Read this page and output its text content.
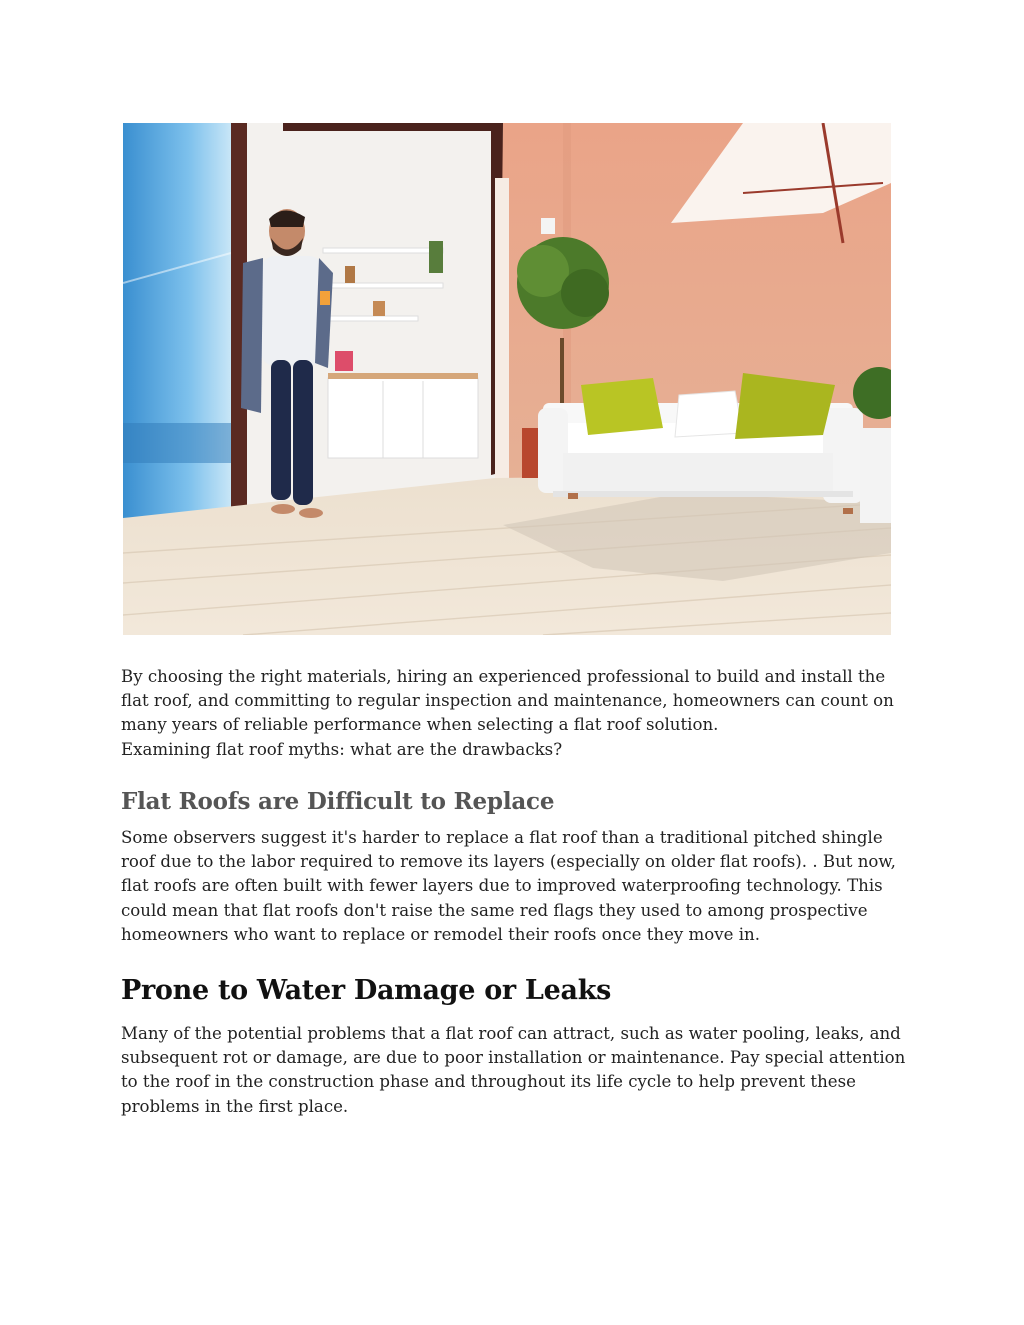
By choosing the right materials, hiring an experienced professional to build and install the flat roof, and committing to regular inspection and maintenance, homeowners can count on many years of reliable performance when selecting a flat roof solution.

Examining flat roof myths: what are the drawbacks?

Flat Roofs are Difficult to Replace

Some observers suggest it's harder to replace a flat roof than a traditional pitched shingle roof due to the labor required to remove its layers (especially on older flat roofs). . But now, flat roofs are often built with fewer layers due to improved waterproofing technology. This could mean that flat roofs don't raise the same red flags they used to among prospective homeowners who want to replace or remodel their roofs once they move in.

Prone to Water Damage or Leaks

Many of the potential problems that a flat roof can attract, such as water pooling, leaks, and subsequent rot or damage, are due to poor installation or maintenance. Pay special attention to the roof in the construction phase and throughout its life cycle to help prevent these problems in the first place.
